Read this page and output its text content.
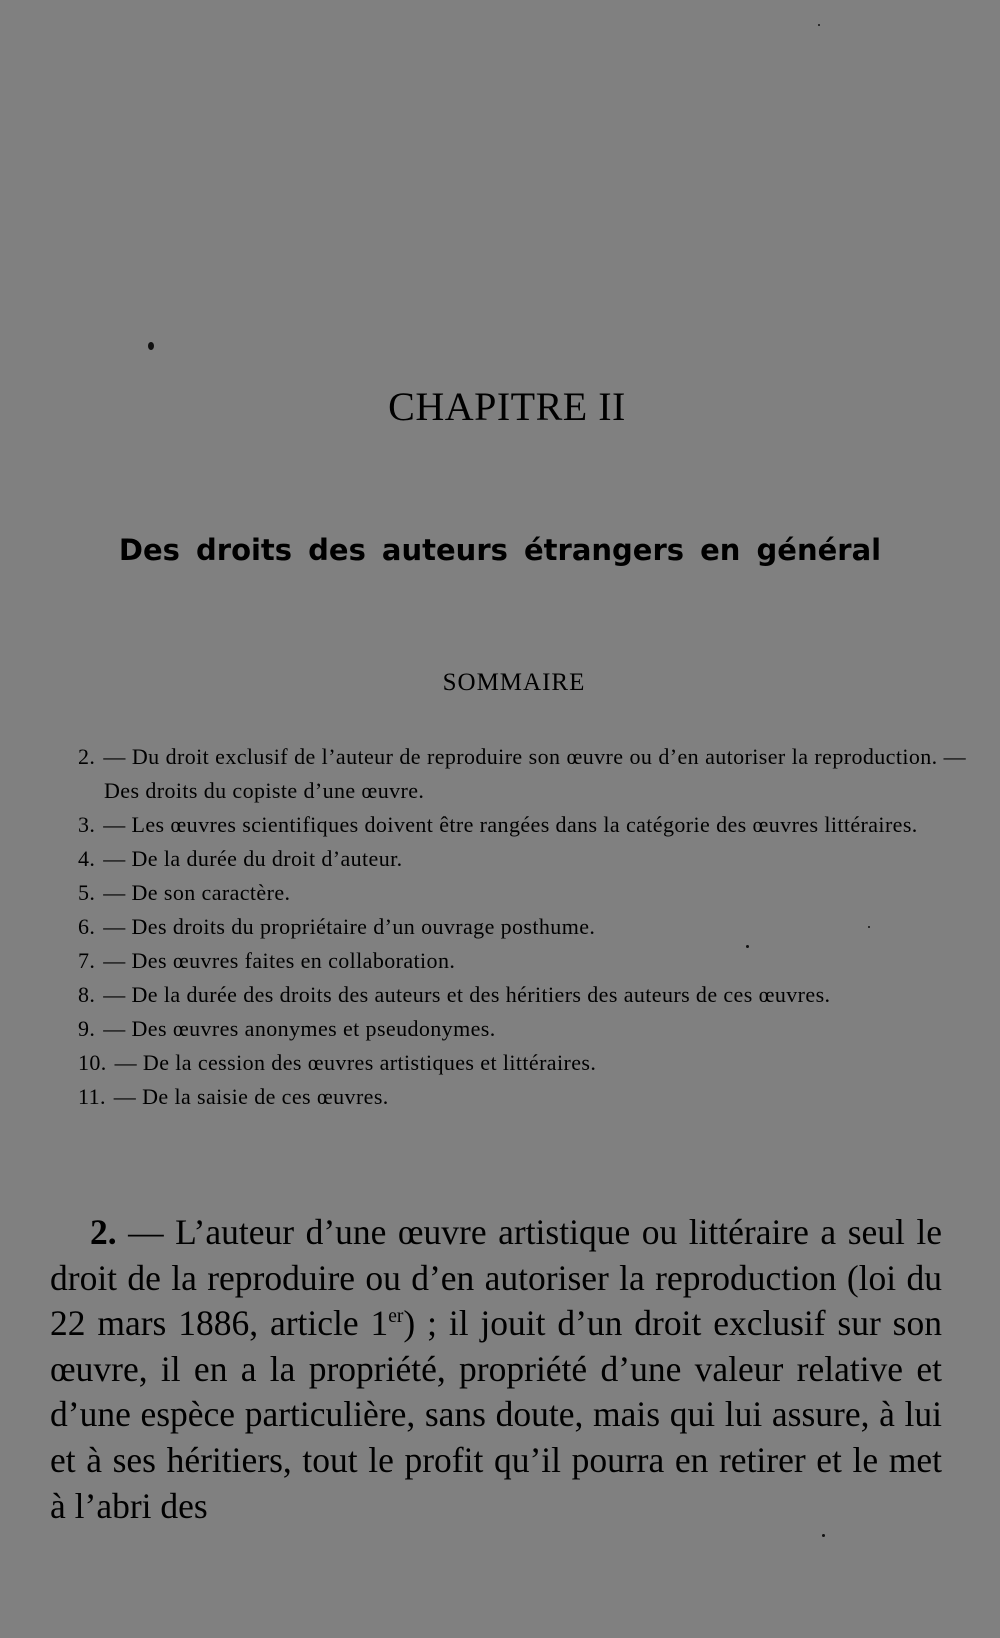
CHAPITRE II
Des droits des auteurs étrangers en général
SOMMAIRE
2. — Du droit exclusif de l’auteur de reproduire son œuvre ou d’en autoriser la reproduction. — Des droits du copiste d’une œuvre.
3. — Les œuvres scientifiques doivent être rangées dans la catégorie des œuvres littéraires.
4. — De la durée du droit d’auteur.
5. — De son caractère.
6. — Des droits du propriétaire d’un ouvrage posthume.
7. — Des œuvres faites en collaboration.
8. — De la durée des droits des auteurs et des héritiers des auteurs de ces œuvres.
9. — Des œuvres anonymes et pseudonymes.
10. — De la cession des œuvres artistiques et littéraires.
11. — De la saisie de ces œuvres.

2. — L’auteur d’une œuvre artistique ou littéraire a seul le droit de la reproduire ou d’en autoriser la reproduction (loi du 22 mars 1886, article 1er) ; il jouit d’un droit exclusif sur son œuvre, il en a la propriété, propriété d’une valeur relative et d’une espèce particulière, sans doute, mais qui lui assure, à lui et à ses héritiers, tout le profit qu’il pourra en retirer et le met à l’abri des
